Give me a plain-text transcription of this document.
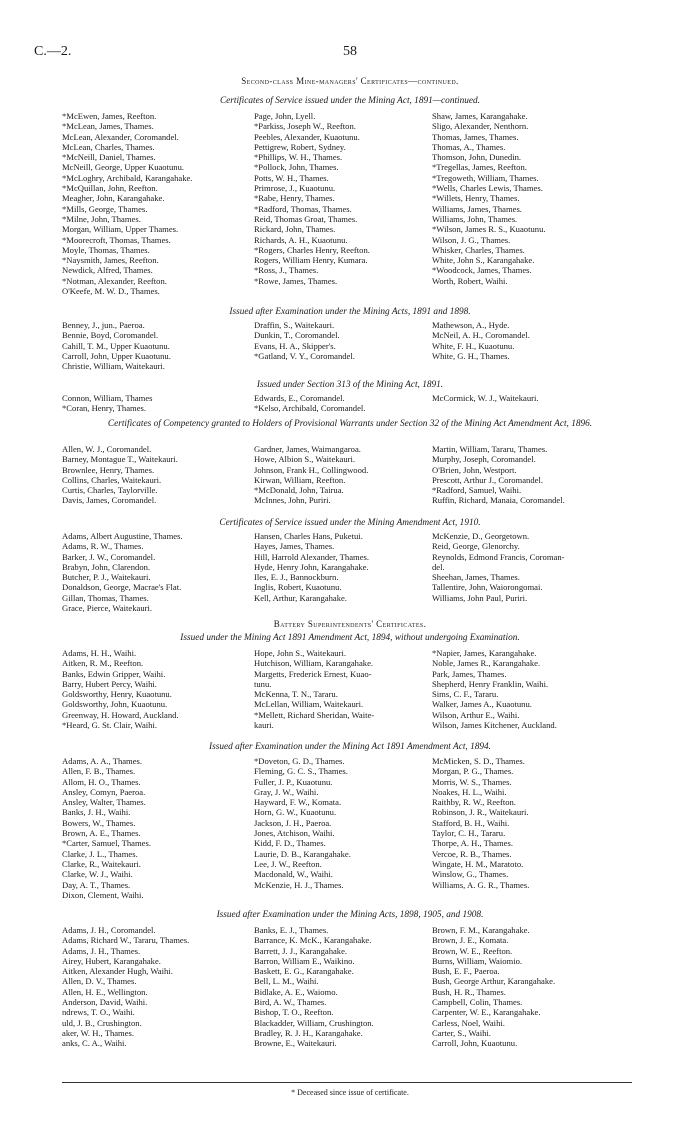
C.—2.	58
Second-class Mine-managers' Certificates—continued.
Certificates of Service issued under the Mining Act, 1891—continued.
*McEwen, James, Reefton.
*McLean, James, Thames.
McLean, Alexander, Coromandel.
McLean, Charles, Thames.
*McNeill, Daniel, Thames.
McNeill, George, Upper Kuaotunu.
*McLoghry, Archibald, Karangahake.
*McQuillan, John, Reefton.
Meagher, John, Karangahake.
*Mills, George, Thames.
*Milne, John, Thames.
Morgan, William, Upper Thames.
*Moorecroft, Thomas, Thames.
Moyle, Thomas, Thames.
*Naysmith, James, Reefton.
Newdick, Alfred, Thames.
*Notman, Alexander, Reefton.
O'Keefe, M. W. D., Thames.
Page, John, Lyell.
*Parkiss, Joseph W., Reefton.
Peebles, Alexander, Kuaotunu.
Pettigrew, Robert, Sydney.
*Phillips, W. H., Thames.
*Pollock, John, Thames.
Potts, W. H., Thames.
Primrose, J., Kuaotunu.
*Rabe, Henry, Thames.
*Radford, Thomas, Thames.
Reid, Thomas Groat, Thames.
Rickard, John, Thames.
Richards, A. H., Kuaotunu.
*Rogers, Charles Henry, Reefton.
Rogers, William Henry, Kumara.
*Ross, J., Thames.
*Rowe, James, Thames.
Shaw, James, Karangahake.
Sligo, Alexander, Nenthorn.
Thomas, James, Thames.
Thomas, A., Thames.
Thomson, John, Dunedin.
*Tregellas, James, Reefton.
*Tregoweth, William, Thames.
*Wells, Charles Lewis, Thames.
*Willets, Henry, Thames.
Williams, James, Thames.
Williams, John, Thames.
*Wilson, James R. S., Kuaotunu.
Wilson, J. G., Thames.
Whisker, Charles, Thames.
White, John S., Karangahake.
*Woodcock, James, Thames.
Worth, Robert, Waihi.
Issued after Examination under the Mining Acts, 1891 and 1898.
Benney, J., jun., Paeroa.
Bennie, Boyd, Coromandel.
Cahill, T. M., Upper Kuaotunu.
Carroll, John, Upper Kuaotunu.
Christie, William, Waitekauri.
Draffin, S., Waitekauri.
Dunkin, T., Coromandel.
Evans, H. A., Skipper's.
*Gatland, V. Y., Coromandel.
Mathewson, A., Hyde.
McNeil, A. H., Coromandel.
White, F. H., Kuaotunu.
White, G. H., Thames.
Issued under Section 313 of the Mining Act, 1891.
Connon, William, Thames
*Coran, Henry, Thames.
Edwards, E., Coromandel.
*Kelso, Archibald, Coromandel.
McCormick, W. J., Waitekauri.
Certificates of Competency granted to Holders of Provisional Warrants under Section 32 of the Mining Act Amendment Act, 1896.
Allen, W. J., Coromandel.
Barney, Montague T., Waitekauri.
Brownlee, Henry, Thames.
Collins, Charles, Waitekauri.
Curtis, Charles, Taylorville.
Davis, James, Coromandel.
Gardner, James, Waimangaroa.
Howe, Albion S., Waitekauri.
Johnson, Frank H., Collingwood.
Kirwan, William, Reefton.
*McDonald, John, Tairua.
McInnes, John, Puriri.
Martin, William, Tararu, Thames.
Murphy, Joseph, Coromandel.
O'Brien, John, Westport.
Prescott, Arthur J., Coromandel.
*Radford, Samuel, Waihi.
Ruffin, Richard, Manaia, Coromandel.
Certificates of Service issued under the Mining Amendment Act, 1910.
Adams, Albert Augustine, Thames.
Adams, R. W., Thames.
Barker, J. W., Coromandel.
Brabyn, John, Clarendon.
Butcher, P. J., Waitekauri.
Donaldson, George, Macrae's Flat.
Gillan, Thomas, Thames.
Grace, Pierce, Waitekauri.
Hansen, Charles Hans, Puketui.
Hayes, James, Thames.
Hill, Harrold Alexander, Thames.
Hyde, Henry John, Karangahake.
Iles, E. J., Bannockburn.
Inglis, Robert, Kuaotunu.
Kell, Arthur, Karangahake.
McKenzie, D., Georgetown.
Reid, George, Glenorchy.
Reynolds, Edmond Francis, Coroman-
del.
Sheehan, James, Thames.
Tallentire, John, Waiorongomai.
Williams, John Paul, Puriri.
Battery Superintendents' Certificates.
Issued under the Mining Act 1891 Amendment Act, 1894, without undergoing Examination.
Adams, H. H., Waihi.
Aitken, R. M., Reefton.
Banks, Edwin Gripper, Waihi.
Barry, Hubert Percy, Waihi.
Goldsworthy, Henry, Kuaotunu.
Goldsworthy, John, Kuaotunu.
Greenway, H. Howard, Auckland.
*Heard, G. St. Clair, Waihi.
Hope, John S., Waitekauri.
Hutchison, William, Karangahake.
Margetts, Frederick Ernest, Kuao-
tunu.
McKenna, T. N., Tararu.
McLellan, William, Waitekauri.
*Mellett, Richard Sheridan, Waite-
kauri.
*Napier, James, Karangahake.
Noble, James R., Karangahake.
Park, James, Thames.
Shepherd, Henry Franklin, Waihi.
Sims, C. F., Tararu.
Walker, James A., Kuaotunu.
Wilson, Arthur E., Waihi.
Wilson, James Kitchener, Auckland.
Issued after Examination under the Mining Act 1891 Amendment Act, 1894.
Adams, A. A., Thames.
Allen, F. B., Thames.
Allom, H. O., Thames.
Ansley, Comyn, Paeroa.
Ansley, Walter, Thames.
Banks, J. H., Waihi.
Bowers, W., Thames.
Brown, A. E., Thames.
*Carter, Samuel, Thames.
Clarke, J. L., Thames.
Clarke, R., Waitekauri.
Clarke, W. J., Waihi.
Day, A. T., Thames.
Dixon, Clement, Waihi.
*Doveton, G. D., Thames.
Fleming, G. C. S., Thames.
Fuller, J. P., Kuaotunu.
Gray, J. W., Waihi.
Hayward, F. W., Komata.
Horn, G. W., Kuaotunu.
Jackson, J. H., Paeroa.
Jones, Atchison, Waihi.
Kidd, F. D., Thames.
Laurie, D. B., Karangahake.
Lee, J. W., Reefton.
Macdonald, W., Waihi.
McKenzie, H. J., Thames.
McMicken, S. D., Thames.
Morgan, P. G., Thames.
Morris, W. S., Thames.
Noakes, H. L., Waihi.
Raithby, R. W., Reefton.
Robinson, J. R., Waitekauri.
Stafford, B. H., Waihi.
Taylor, C. H., Tararu.
Thorpe, A. H., Thames.
Vercoe, R. B., Thames.
Wingate, H. M., Maratoto.
Winslow, G., Thames.
Williams, A. G. R., Thames.
Issued after Examination under the Mining Acts, 1898, 1905, and 1908.
Adams, J. H., Coromandel.
Adams, Richard W., Tararu, Thames.
Adams, J. H., Thames.
Airey, Hubert, Karangahake.
Aitken, Alexander Hugh, Waihi.
Allen, D. V., Thames.
Allen, H. E., Wellington.
Anderson, David, Waihi.
ndrews, T. O., Waihi.
uld, J. B., Crushington.
aker, W. H., Thames.
anks, C. A., Waihi.
Banks, E. J., Thames.
Barrance, K. McK., Karangahake.
Barrett, J. J., Karangahake.
Barron, William E., Waikino.
Baskett, E. G., Karangahake.
Bell, L. M., Waihi.
Bidlake, A. E., Waiomo.
Bird, A. W., Thames.
Bishop, T. O., Reefton.
Blackadder, William, Crushington.
Bradley, R. J. H., Karangahake.
Browne, E., Waitekauri.
Brown, F. M., Karangahake.
Brown, J. E., Komata.
Brown, W. E., Reefton.
Burns, William, Waiomio.
Bush, E. F., Paeroa.
Bush, George Arthur, Karangahake.
Bush, H. R., Thames.
Campbell, Colin, Thames.
Carpenter, W. E., Karangahake.
Carless, Noel, Waihi.
Carter, S., Waihi.
Carroll, John, Kuaotunu.
* Deceased since issue of certificate.
